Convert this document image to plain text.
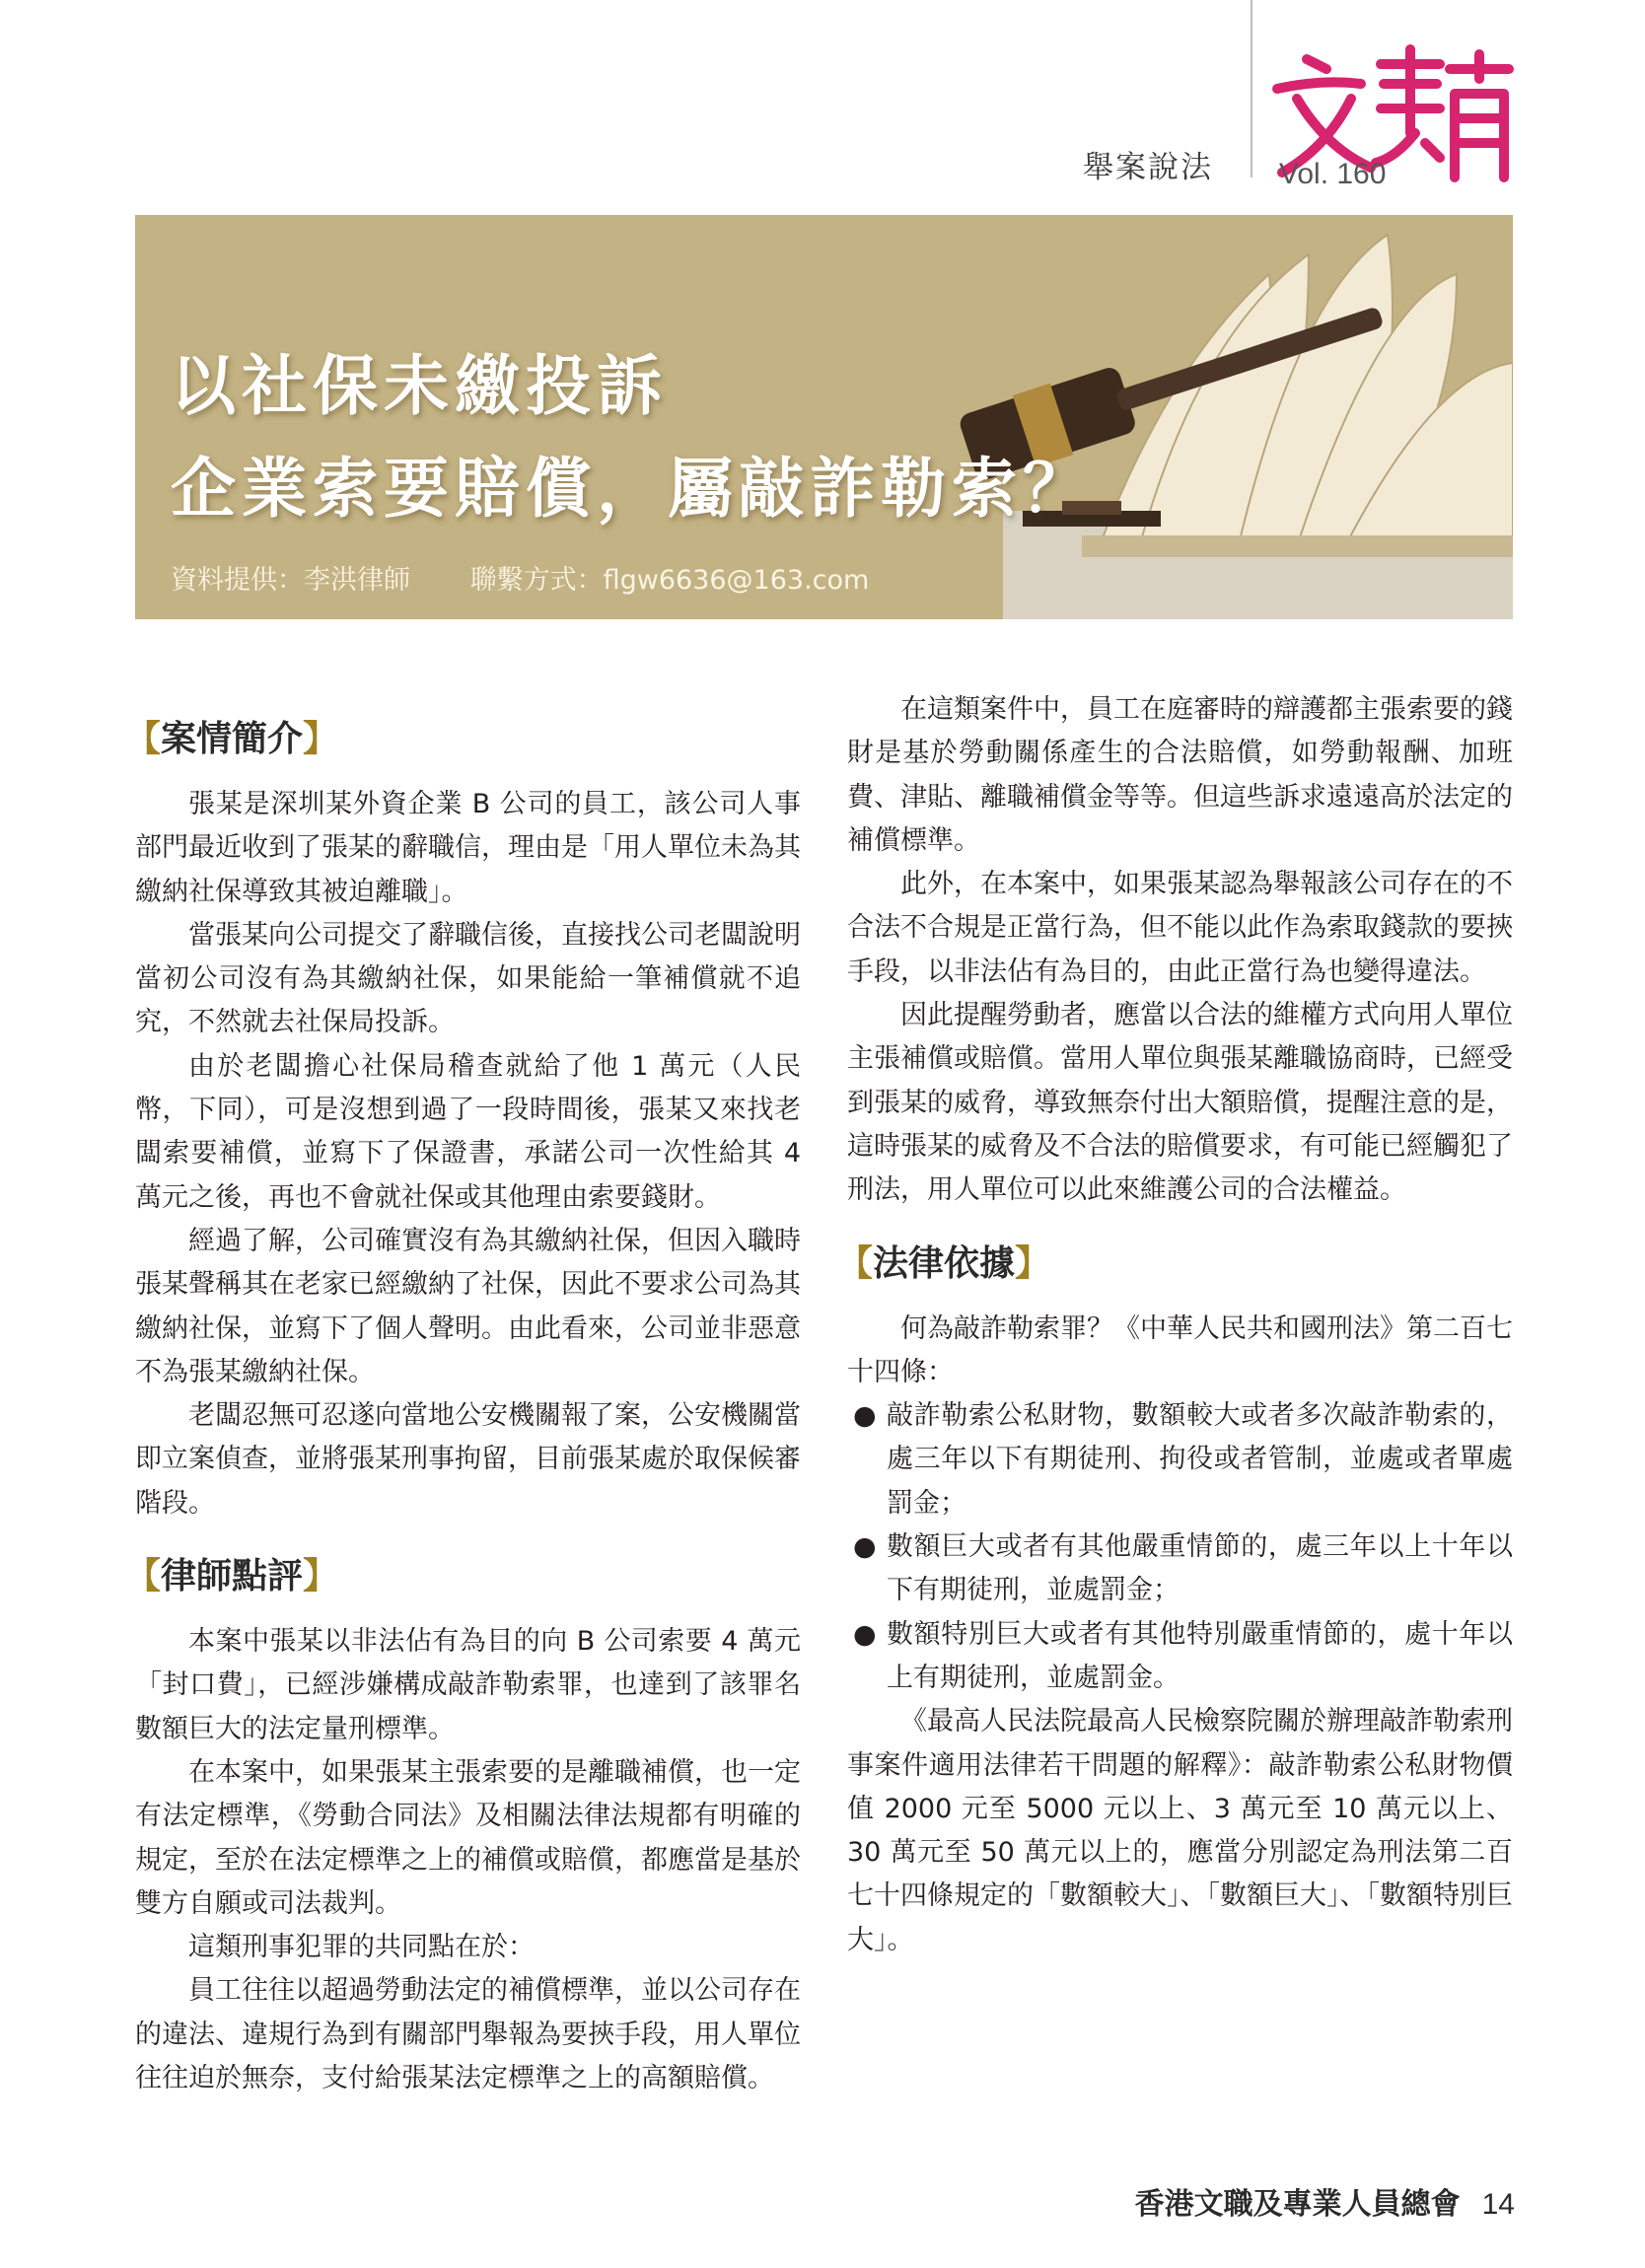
舉案說法 Vol. 160
以社保未繳投訴
企業索要賠償，屬敲詐勒索？
資料提供：李洪律師 聯繫方式：flgw6636@163.com
【案情簡介】

張某是深圳某外資企業 B 公司的員工，該公司人事部門最近收到了張某的辭職信，理由是「用人單位未為其繳納社保導致其被迫離職」。

當張某向公司提交了辭職信後，直接找公司老闆說明當初公司沒有為其繳納社保，如果能給一筆補償就不追究，不然就去社保局投訴。

由於老闆擔心社保局稽查就給了他 1 萬元（人民幣，下同），可是沒想到過了一段時間後，張某又來找老闆索要補償，並寫下了保證書，承諾公司一次性給其 4 萬元之後，再也不會就社保或其他理由索要錢財。

經過了解，公司確實沒有為其繳納社保，但因入職時張某聲稱其在老家已經繳納了社保，因此不要求公司為其繳納社保，並寫下了個人聲明。由此看來，公司並非惡意不為張某繳納社保。

老闆忍無可忍遂向當地公安機關報了案，公安機關當即立案偵查，並將張某刑事拘留，目前張某處於取保候審階段。

【律師點評】

本案中張某以非法佔有為目的向 B 公司索要 4 萬元「封口費」，已經涉嫌構成敲詐勒索罪，也達到了該罪名數額巨大的法定量刑標準。

在本案中，如果張某主張索要的是離職補償，也一定有法定標準，《勞動合同法》及相關法律法規都有明確的規定，至於在法定標準之上的補償或賠償，都應當是基於雙方自願或司法裁判。

這類刑事犯罪的共同點在於：

員工往往以超過勞動法定的補償標準，並以公司存在的違法、違規行為到有關部門舉報為要挾手段，用人單位往往迫於無奈，支付給張某法定標準之上的高額賠償。

在這類案件中，員工在庭審時的辯護都主張索要的錢財是基於勞動關係產生的合法賠償，如勞動報酬、加班費、津貼、離職補償金等等。但這些訴求遠遠高於法定的補償標準。

此外，在本案中，如果張某認為舉報該公司存在的不合法不合規是正當行為，但不能以此作為索取錢款的要挾手段，以非法佔有為目的，由此正當行為也變得違法。

因此提醒勞動者，應當以合法的維權方式向用人單位主張補償或賠償。當用人單位與張某離職協商時，已經受到張某的威脅，導致無奈付出大額賠償，提醒注意的是，這時張某的威脅及不合法的賠償要求，有可能已經觸犯了刑法，用人單位可以此來維護公司的合法權益。

【法律依據】

何為敲詐勒索罪？《中華人民共和國刑法》第二百七十四條：

● 敲詐勒索公私財物，數額較大或者多次敲詐勒索的，處三年以下有期徒刑、拘役或者管制，並處或者單處罰金；
● 數額巨大或者有其他嚴重情節的，處三年以上十年以下有期徒刑，並處罰金；
● 數額特別巨大或者有其他特別嚴重情節的，處十年以上有期徒刑，並處罰金。

《最高人民法院最高人民檢察院關於辦理敲詐勒索刑事案件適用法律若干問題的解釋》：敲詐勒索公私財物價值 2000 元至 5000 元以上、3 萬元至 10 萬元以上、30 萬元至 50 萬元以上的，應當分別認定為刑法第二百七十四條規定的「數額較大」、「數額巨大」、「數額特別巨大」。

香港文職及專業人員總會 14
